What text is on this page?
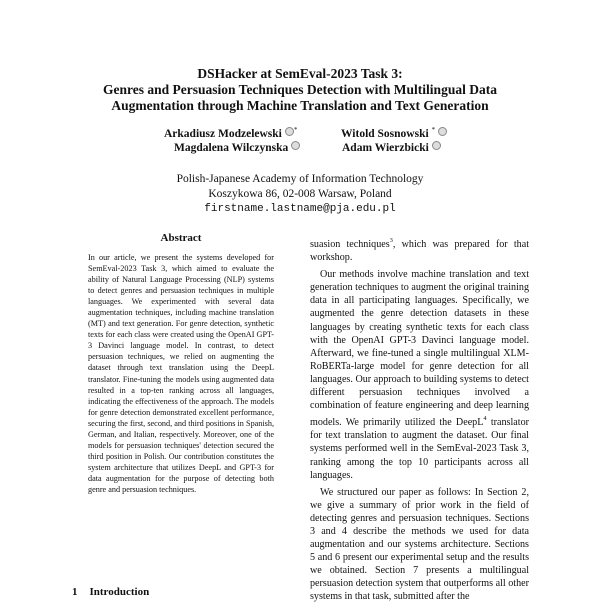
DSHacker at SemEval-2023 Task 3:

Genres and Persuasion Techniques Detection with Multilingual Data

Augmentation through Machine Translation and Text Generation

Arkadiusz Modzelewski *	Witold Sosnowski *
Magdalena Wilczynska	Adam Wierzbicki
Polish-Japanese Academy of Information Technology
Koszykowa 86, 02-008 Warsaw, Poland
firstname.lastname@pja.edu.pl
Abstract
In our article, we present the systems developed for SemEval-2023 Task 3, which aimed to evaluate the ability of Natural Language Processing (NLP) systems to detect genres and persuasion techniques in multiple languages. We experimented with several data augmentation techniques, including machine translation (MT) and text generation. For genre detection, synthetic texts for each class were created using the OpenAI GPT-3 Davinci language model. In contrast, to detect persuasion techniques, we relied on augmenting the dataset through text translation using the DeepL translator. Fine-tuning the models using augmented data resulted in a top-ten ranking across all languages, indicating the effectiveness of the approach. The models for genre detection demonstrated excellent performance, securing the first, second, and third positions in Spanish, German, and Italian, respectively. Moreover, one of the models for persuasion techniques' detection secured the third position in Polish. Our contribution constitutes the system architecture that utilizes DeepL and GPT-3 for data augmentation for the purpose of detecting both genre and persuasion techniques.
1 Introduction

suasion techniques$^3$, which was prepared for that workshop.

Our methods involve machine translation and text generation techniques to augment the original training data in all participating languages. Specifically, we augmented the genre detection datasets in these languages by creating synthetic texts for each class with the OpenAI GPT-3 Davinci language model. Afterward, we fine-tuned a single multilingual XLM-RoBERTa-large model for genre detection for all languages. Our approach to building systems to detect different persuasion techniques involved a combination of feature engineering and deep learning models. We primarily utilized the DeepL$^4$ translator for text translation to augment the dataset. Our final systems performed well in the SemEval-2023 Task 3, ranking among the top 10 participants across all languages.

We structured our paper as follows: In Section 2, we give a summary of prior work in the field of detecting genres and persuasion techniques. Sections 3 and 4 describe the methods we used for data augmentation and our systems architecture. Sections 5 and 6 present our experimental setup and the results we obtained. Section 7 presents a multilingual persuasion detection system that outperforms all other systems in that task, submitted after the
